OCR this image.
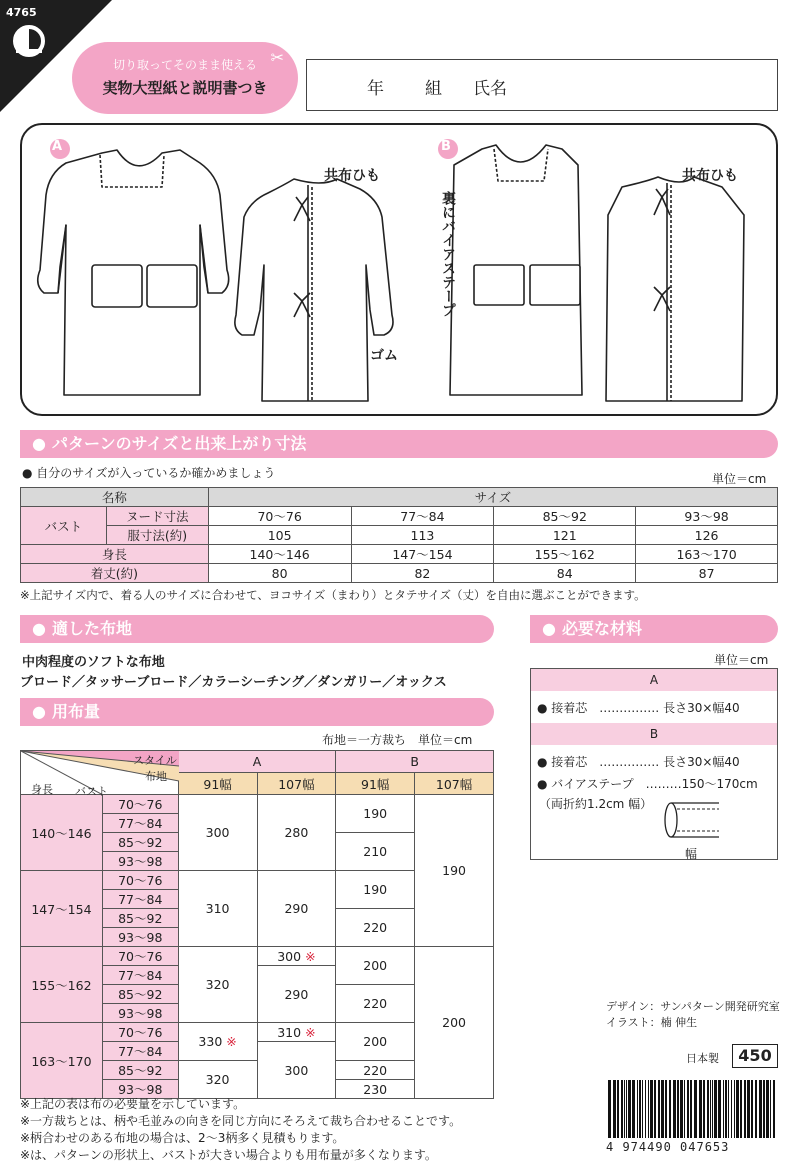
4765
切り取ってそのまま使える
実物大型紙と説明書つき
✂
年 組 氏名
A	B
共布ひも	共布ひも
ゴム
裏にバイアステープ
● パターンのサイズと出来上がり寸法
● 自分のサイズが入っているか確かめましょう	単位＝cm
名称		サイズ			
バスト	ヌード寸法	70〜76	77〜84	85〜92	93〜98
	服寸法(約)	105	113	121	126
身長		140〜146	147〜154	155〜162	163〜170
着丈(約)		80	82	84	87
※上記サイズ内で、着る人のサイズに合わせて、ヨコサイズ（まわり）とタテサイズ（丈）を自由に選ぶことができます。
● 適した布地
中肉程度のソフトな布地
ブロード／タッサーブロード／カラーシーチング／ダンガリー／オックス
● 必要な材料
単位＝cm
A
● 接着芯　…………… 長さ30×幅40
B
● 接着芯　…………… 長さ30×幅40
● バイアステープ　………150〜170cm
（両折約1.2cm 幅）
幅
● 用布量
布地＝一方裁ち　単位＝cm
スタイル
布地
身長 バスト		A		B	
		91幅	107幅	91幅	107幅
140〜146	70〜76	300	280	190	190
	77〜84				
	85〜92			210	
	93〜98				
147〜154	70〜76	310	290	190	
	77〜84				
	85〜92			220	
	93〜98				
155〜162	70〜76	320	300 ※	200	200
	77〜84		290		
	85〜92			220	
	93〜98				
163〜170	70〜76	330 ※	310 ※	200	
	77〜84		300		
	85〜92	320		220	
	93〜98			230	
※上記の表は布の必要量を示しています。
※一方裁ちとは、柄や毛並みの向きを同じ方向にそろえて裁ち合わせることです。
※柄合わせのある布地の場合は、2〜3柄多く見積もります。
※は、パターンの形状上、バストが大きい場合よりも用布量が多くなります。
デザイン：サンパターン開発研究室
イラスト：楠 伸生
日本製	450
4 974490 047653
